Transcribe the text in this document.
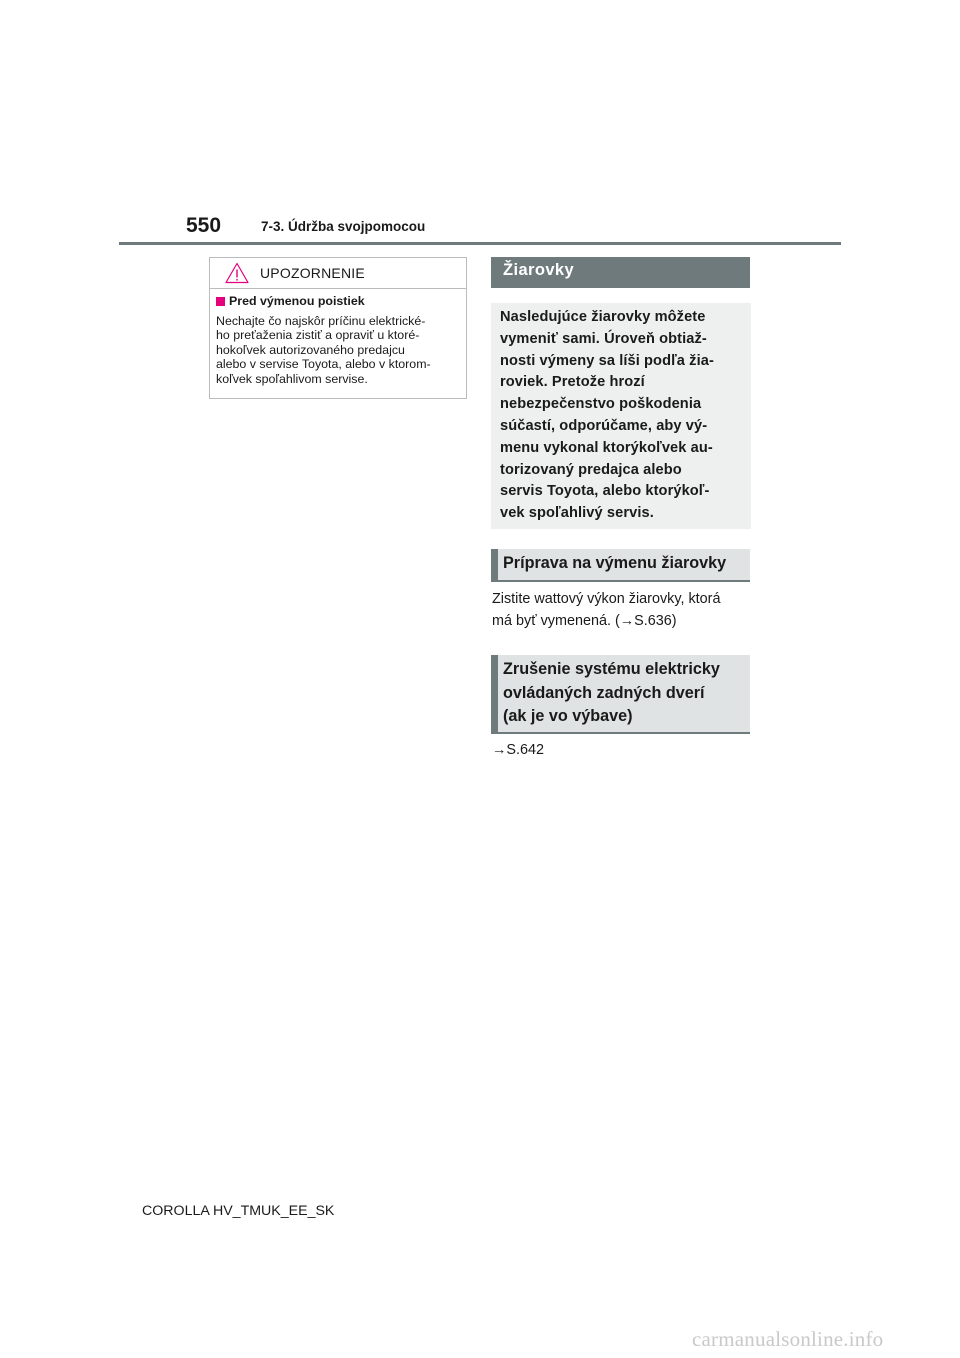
550	7-3. Údržba svojpomocou
UPOZORNENIE
Pred výmenou poistiek
Nechajte čo najskôr príčinu elektrické-
ho preťaženia zistiť a opraviť u ktoré-
hokoľvek autorizovaného predajcu
alebo v servise Toyota, alebo v ktorom-
koľvek spoľahlivom servise.
Žiarovky
Nasledujúce žiarovky môžete
vymeniť sami. Úroveň obtiaž-
nosti výmeny sa líši podľa žia-
roviek. Pretože hrozí
nebezpečenstvo poškodenia
súčastí, odporúčame, aby vý-
menu vykonal ktorýkoľvek au-
torizovaný predajca alebo
servis Toyota, alebo ktorýkoľ-
vek spoľahlivý servis.
Príprava na výmenu žiarovky
Zistite wattový výkon žiarovky, ktorá
má byť vymenená. (→S.636)
Zrušenie systému elektricky
ovládaných zadných dverí
(ak je vo výbave)
→S.642
COROLLA HV_TMUK_EE_SK
carmanualsonline.info
